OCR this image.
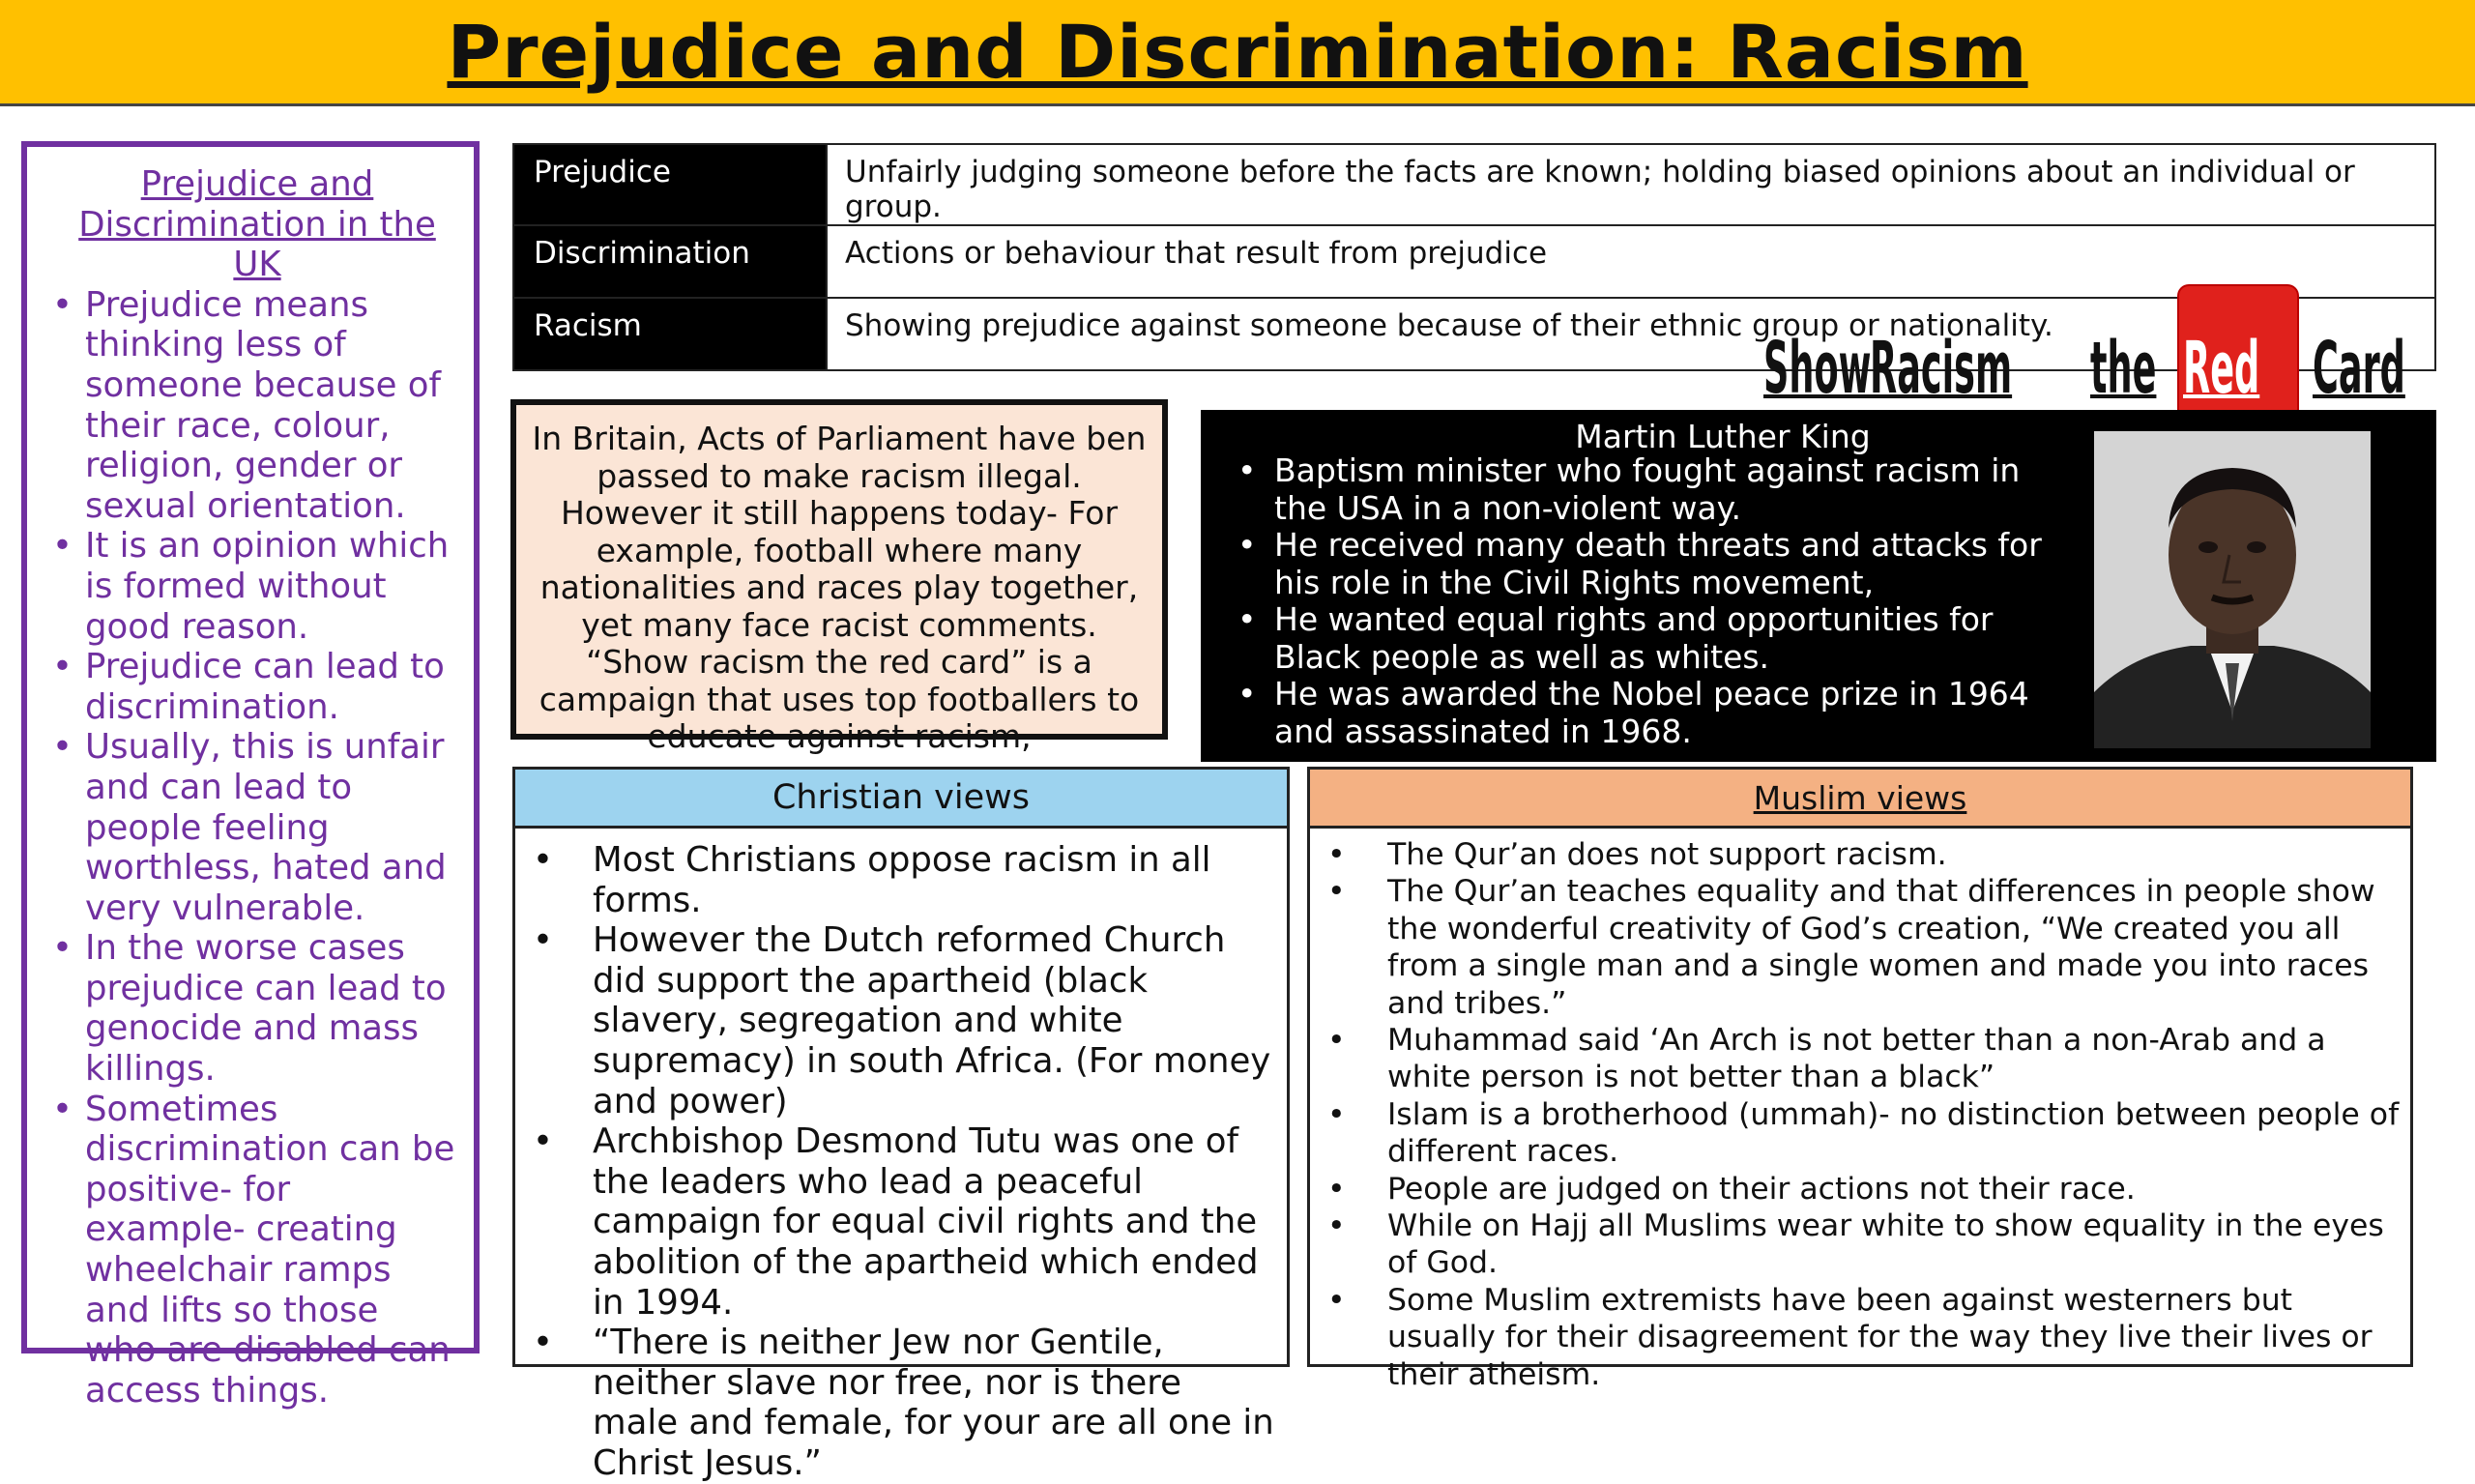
Prejudice and Discrimination: Racism
Prejudice and Discrimination in the UK
• Prejudice means thinking less of someone because of their race, colour, religion, gender or sexual orientation.
• It is an opinion which is formed without good reason.
• Prejudice can lead to discrimination.
• Usually, this is unfair and can lead to people feeling worthless, hated and very vulnerable.
• In the worse cases prejudice can lead to genocide and mass killings.
• Sometimes discrimination can be positive- for example- creating wheelchair ramps and lifts so those who are disabled can access things.
Prejudice	Unfairly judging someone before the facts are known; holding biased opinions about an individual or group.
Discrimination	Actions or behaviour that result from prejudice
Racism	Showing prejudice against someone because of their ethnic group or nationality.
Show
Racism the Red Card
In Britain, Acts of Parliament have ben passed to make racism illegal. However it still happens today- For example, football where many nationalities and races play together, yet many face racist comments. “Show racism the red card” is a campaign that uses top footballers to educate against racism,
Martin Luther King
• Baptism minister who fought against racism in the USA in a non-violent way.
• He received many death threats and attacks for his role in the Civil Rights movement,
• He wanted equal rights and opportunities for Black people as well as whites.
• He was awarded the Nobel peace prize in 1964 and assassinated in 1968.
Christian views
• Most Christians oppose racism in all forms.
• However the Dutch reformed Church did support the apartheid (black slavery, segregation and white supremacy) in south Africa. (For money and power)
• Archbishop Desmond Tutu was one of the leaders who lead a peaceful campaign for equal civil rights and the abolition of the apartheid which ended in 1994.
• “There is neither Jew nor Gentile, neither slave nor free, nor is there male and female, for your are all one in Christ Jesus.”
Muslim views
• The Qur’an does not support racism.
• The Qur’an teaches equality and that differences in people show the wonderful creativity of God’s creation, “We created you all from a single man and a single women and made you into races and tribes.”
• Muhammad said ‘An Arch is not better than a non-Arab and a white person is not better than a black”
• Islam is a brotherhood (ummah)- no distinction between people of different races.
• People are judged on their actions not their race.
• While on Hajj all Muslims wear white to show equality in the eyes of God.
• Some Muslim extremists have been against westerners but usually for their disagreement for the way they live their lives or their atheism.
